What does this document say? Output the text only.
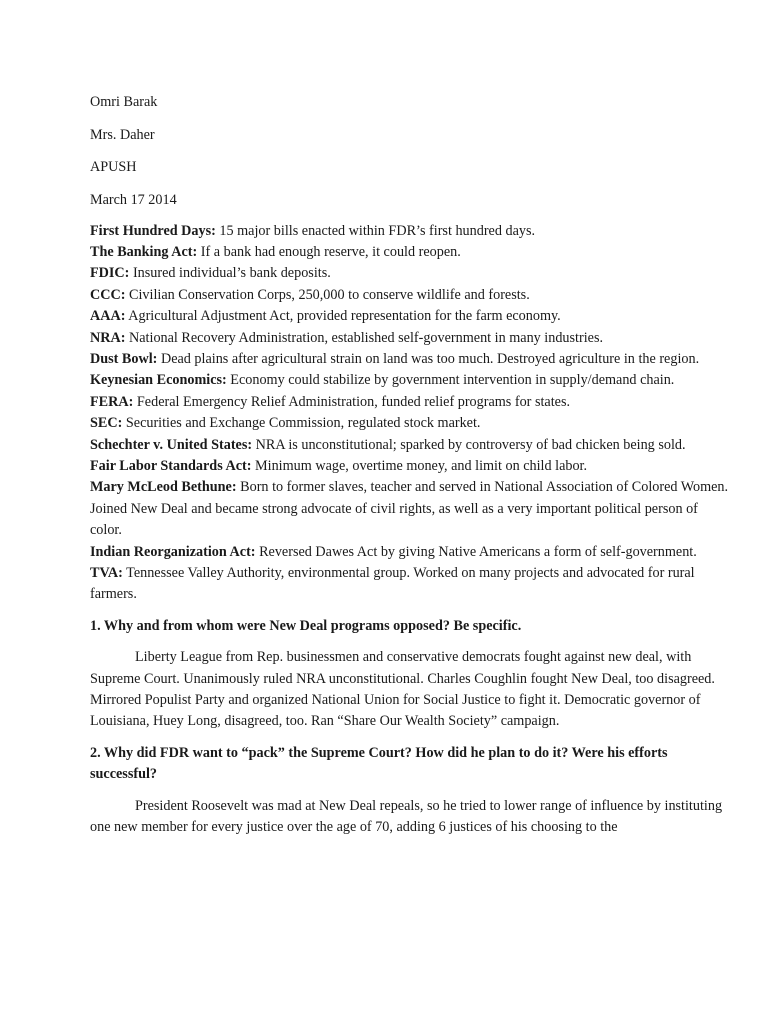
Omri Barak
Mrs. Daher
APUSH
March 17 2014
First Hundred Days: 15 major bills enacted within FDR’s first hundred days.
The Banking Act: If a bank had enough reserve, it could reopen.
FDIC: Insured individual’s bank deposits.
CCC: Civilian Conservation Corps, 250,000 to conserve wildlife and forests.
AAA: Agricultural Adjustment Act, provided representation for the farm economy.
NRA: National Recovery Administration, established self-government in many industries.
Dust Bowl: Dead plains after agricultural strain on land was too much. Destroyed agriculture in the region.
Keynesian Economics: Economy could stabilize by government intervention in supply/demand chain.
FERA: Federal Emergency Relief Administration, funded relief programs for states.
SEC: Securities and Exchange Commission, regulated stock market.
Schechter v. United States: NRA is unconstitutional; sparked by controversy of bad chicken being sold.
Fair Labor Standards Act: Minimum wage, overtime money, and limit on child labor.
Mary McLeod Bethune: Born to former slaves, teacher and served in National Association of Colored Women. Joined New Deal and became strong advocate of civil rights, as well as a very important political person of color.
Indian Reorganization Act: Reversed Dawes Act by giving Native Americans a form of self-government.
TVA: Tennessee Valley Authority, environmental group. Worked on many projects and advocated for rural farmers.
1. Why and from whom were New Deal programs opposed? Be specific.

Liberty League from Rep. businessmen and conservative democrats fought against new deal, with Supreme Court. Unanimously ruled NRA unconstitutional. Charles Coughlin fought New Deal, too disagreed. Mirrored Populist Party and organized National Union for Social Justice to fight it. Democratic governor of Louisiana, Huey Long, disagreed, too. Ran “Share Our Wealth Society” campaign.

2. Why did FDR want to “pack” the Supreme Court? How did he plan to do it? Were his efforts successful?

President Roosevelt was mad at New Deal repeals, so he tried to lower range of influence by instituting one new member for every justice over the age of 70, adding 6 justices of his choosing to the
